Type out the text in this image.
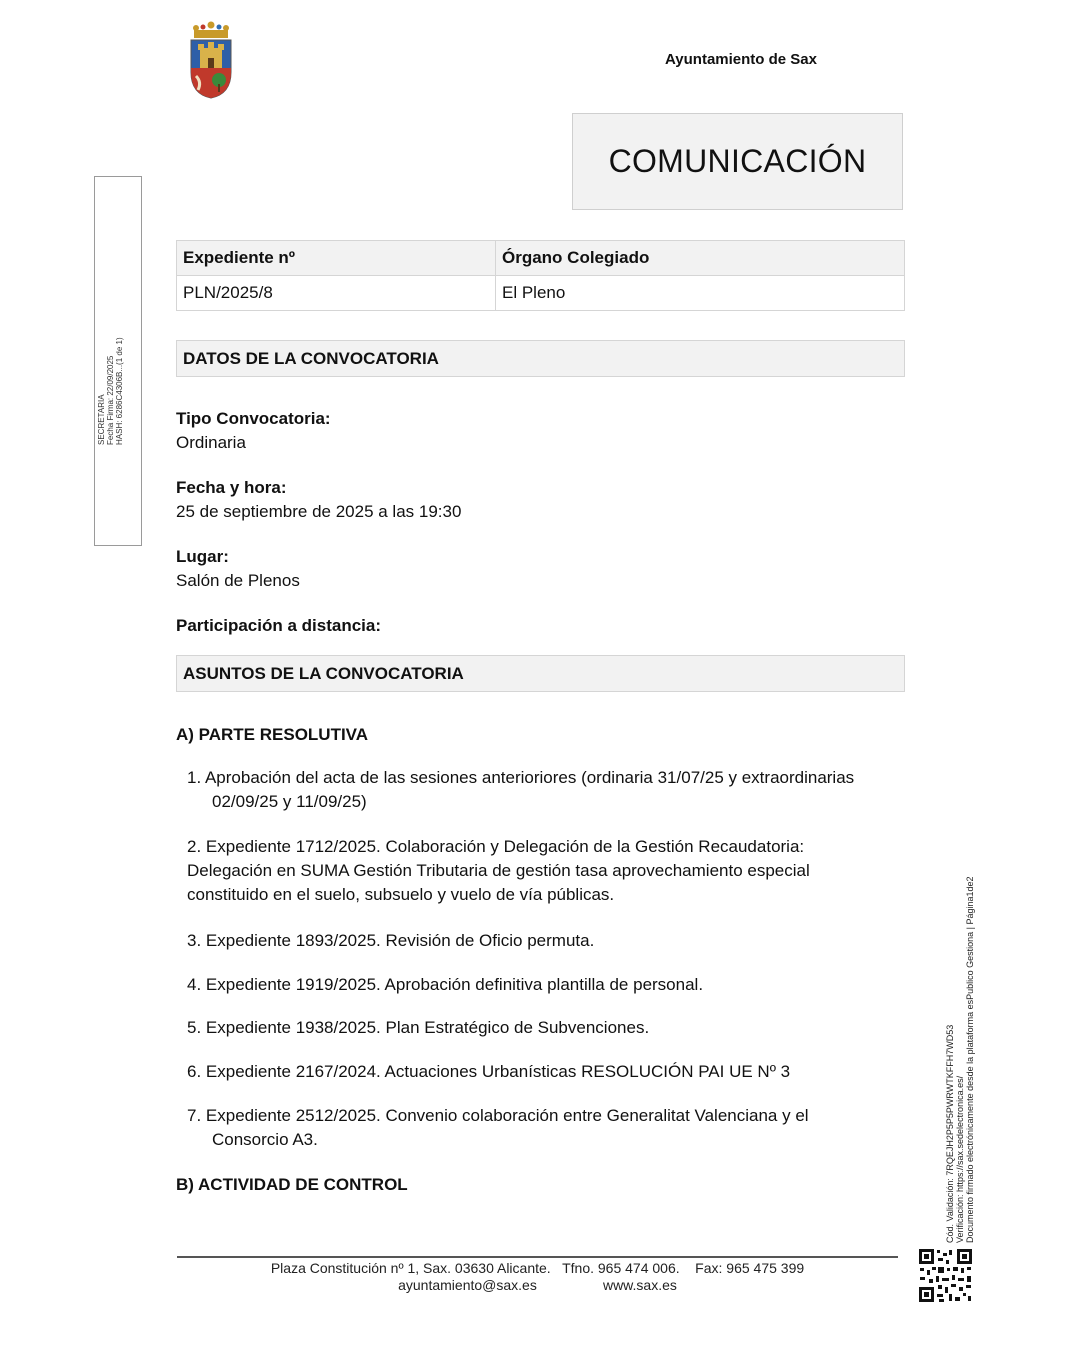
Ayuntamiento de Sax
COMUNICACIÓN
SECRETARIA Fecha Firma: 22/09/2025 HASH: 6286C4306B...(1 de 1)
Expediente nº	Órgano Colegiado
PLN/2025/8	El Pleno
DATOS DE LA CONVOCATORIA
Tipo Convocatoria:
Ordinaria
Fecha y hora:
25 de septiembre de 2025 a las 19:30
Lugar:
Salón de Plenos
Participación a distancia:
ASUNTOS DE LA CONVOCATORIA
A) PARTE RESOLUTIVA
1. Aprobación del acta de las sesiones anterioriores (ordinaria 31/07/25 y extraordinarias
02/09/25 y 11/09/25)
2. Expediente 1712/2025. Colaboración y Delegación de la Gestión Recaudatoria:
Delegación en SUMA Gestión Tributaria de gestión tasa aprovechamiento especial
constituido en el suelo, subsuelo y vuelo de vía públicas.
3. Expediente 1893/2025. Revisión de Oficio permuta.
4. Expediente 1919/2025. Aprobación definitiva plantilla de personal.
5. Expediente 1938/2025. Plan Estratégico de Subvenciones.
6. Expediente 2167/2024. Actuaciones Urbanísticas RESOLUCIÓN PAI UE Nº 3
7. Expediente 2512/2025. Convenio colaboración entre Generalitat Valenciana y el
Consorcio A3.
B) ACTIVIDAD DE CONTROL
Plaza Constitución nº 1, Sax. 03630 Alicante.   Tfno. 965 474 006.    Fax: 965 475 399
ayuntamiento@sax.es                 www.sax.es
Cód. Validación: 7RQEJH2P5P5PWRWTKFFH7WD53 Verificación: https://sax.sedelectronica.es/ Documento firmado electrónicamente desde la plataforma esPublico Gestiona | Página1de2
